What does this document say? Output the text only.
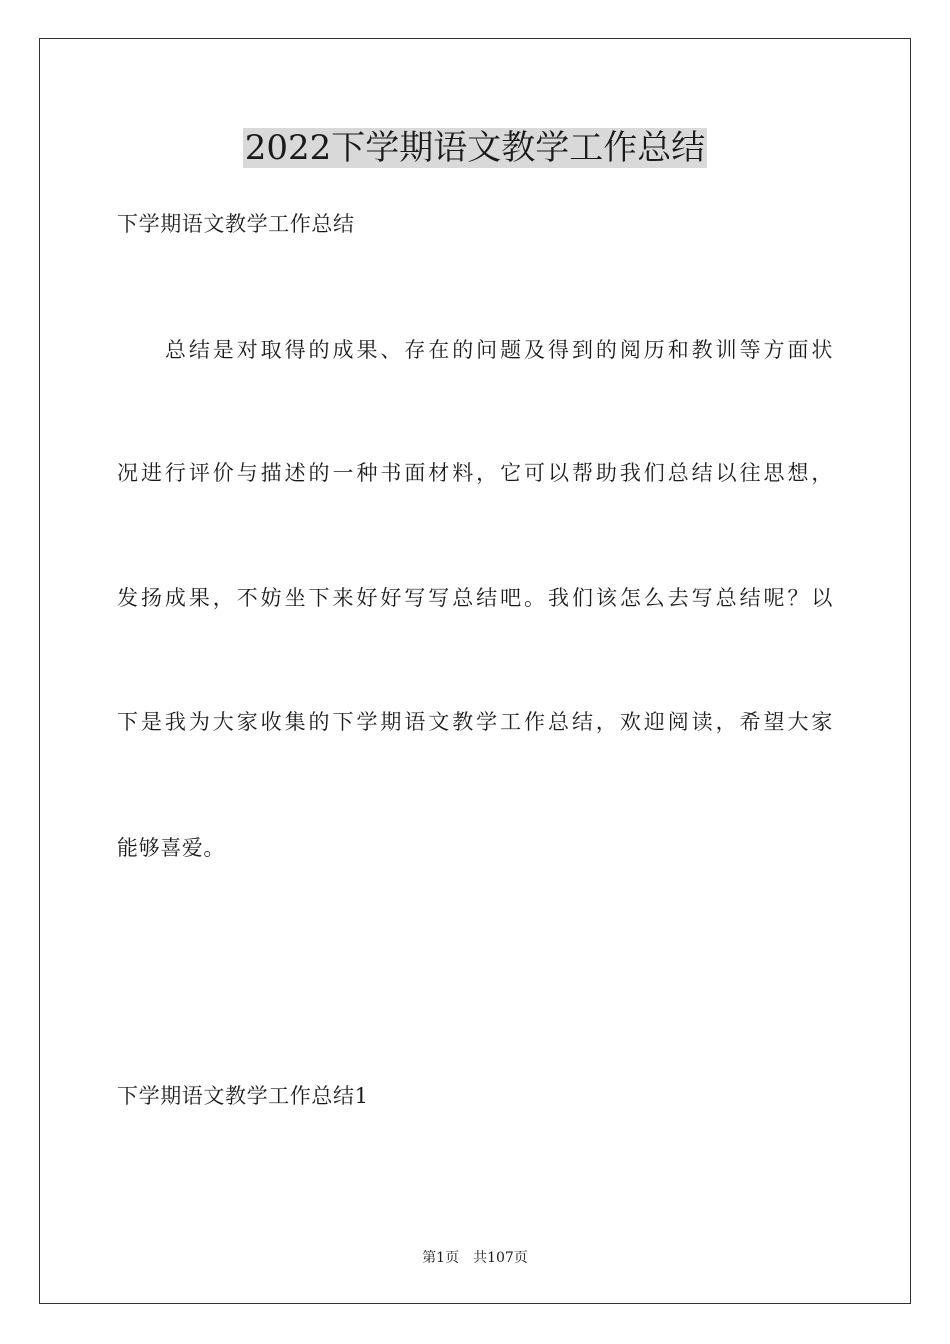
2022下学期语文教学工作总结
下学期语文教学工作总结
　　总结是对取得的成果、存在的问题及得到的阅历和教训等方面状
况进行评价与描述的一种书面材料，它可以帮助我们总结以往思想，
发扬成果，不妨坐下来好好写写总结吧。我们该怎么去写总结呢？以
下是我为大家收集的下学期语文教学工作总结，欢迎阅读，希望大家
能够喜爱。
下学期语文教学工作总结1
第1页　共107页
